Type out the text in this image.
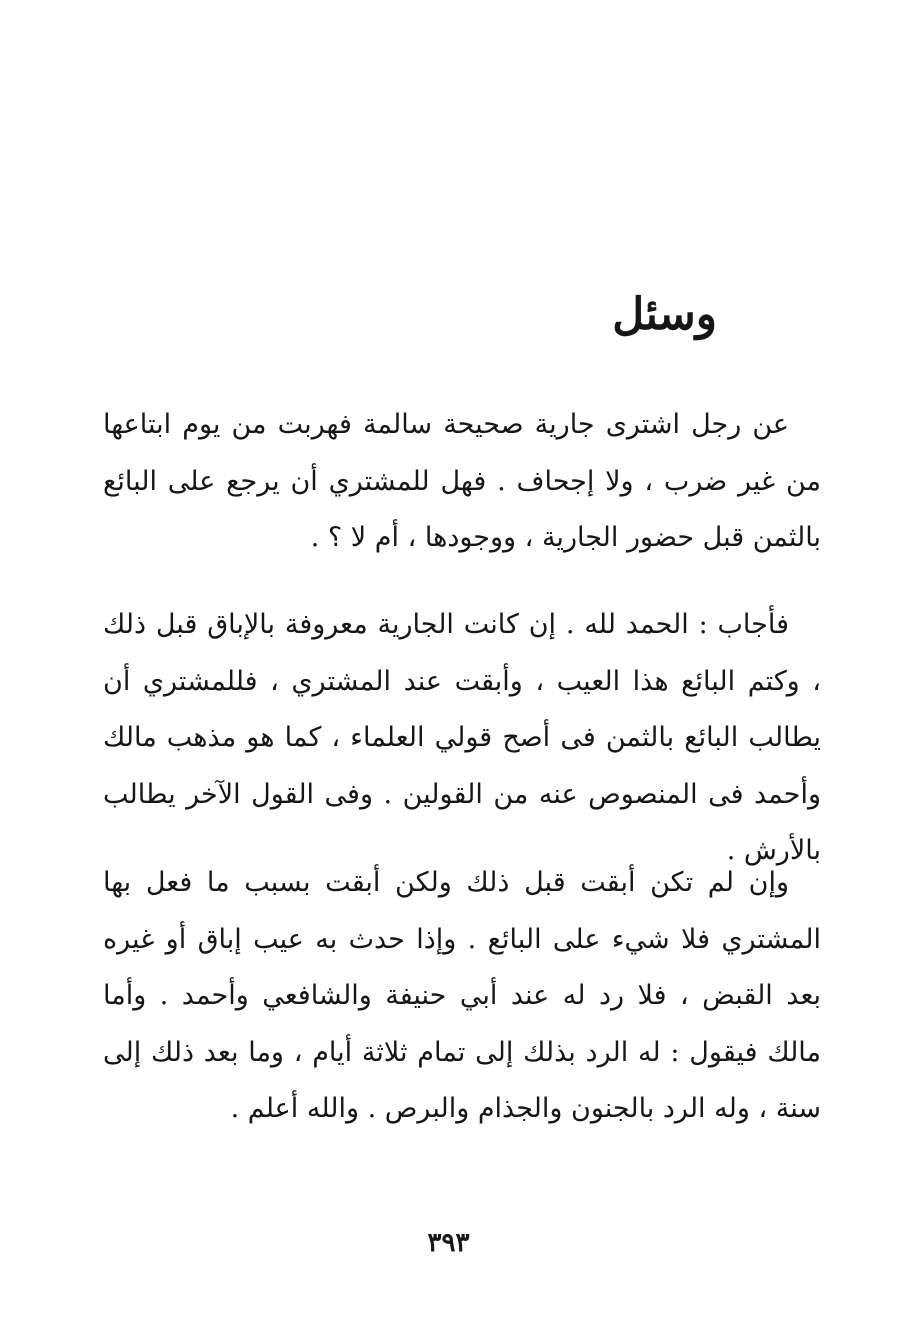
وسئل

عن رجل اشترى جارية صحيحة سالمة فهربت من يوم ابتاعها من غير ضرب ، ولا إجحاف . فهل للمشتري أن يرجع على البائع بالثمن قبل حضور الجارية ، ووجودها ، أم لا ؟ .

فأجاب : الحمد لله . إن كانت الجارية معروفة بالإباق قبل ذلك ، وكتم البائع هذا العيب ، وأبقت عند المشتري ، فللمشتري أن يطالب البائع بالثمن فى أصح قولي العلماء ، كما هو مذهب مالك وأحمد فى المنصوص عنه من القولين . وفى القول الآخر يطالب بالأرش .

وإن لم تكن أبقت قبل ذلك ولكن أبقت بسبب ما فعل بها المشتري فلا شيء على البائع . وإذا حدث به عيب إباق أو غيره بعد القبض ، فلا رد له عند أبي حنيفة والشافعي وأحمد . وأما مالك فيقول : له الرد بذلك إلى تمام ثلاثة أيام ، وما بعد ذلك إلى سنة ، وله الرد بالجنون والجذام والبرص . والله أعلم .

٣٩٣
